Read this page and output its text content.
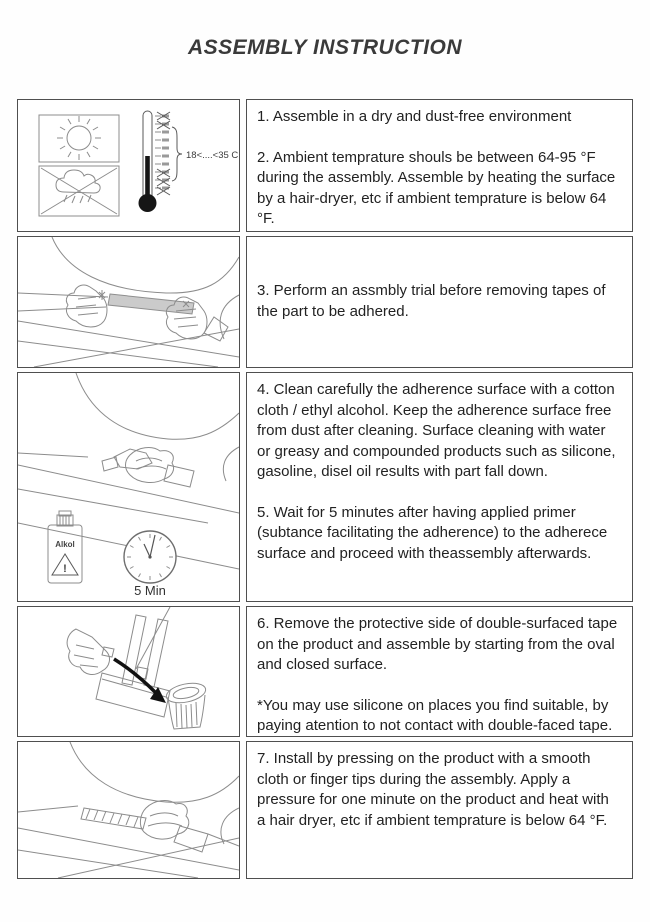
ASSEMBLY INSTRUCTION
18<....<35 C

1. Assemble in a dry and dust-free environment

2. Ambient temprature shouls be between 64-95 °F during the assembly. Assemble by heating the surface by a hair-dryer, etc if ambient temprature is below 64 °F.

3. Perform an assmbly trial before removing tapes of the part to be adhered.

Alkol
!
5 Min

4. Clean carefully the adherence surface with a cotton cloth / ethyl alcohol. Keep the adherence surface free from dust after cleaning. Surface cleaning with water or greasy and compounded products such as silicone, gasoline, disel oil results with part fall down.

5. Wait for 5 minutes after having applied primer (subtance facilitating the adherence) to the adherece surface and proceed with theassembly afterwards.

6. Remove the protective side of double-surfaced tape on the product and assemble by starting from the oval and closed surface.

*You may use silicone on places you find suitable, by paying atention to not contact with double-faced tape.

7. Install by pressing on the product with a smooth cloth or finger tips during the assembly. Apply a pressure for one minute on the product and heat with a hair dryer, etc if ambient temprature is below 64 °F.
